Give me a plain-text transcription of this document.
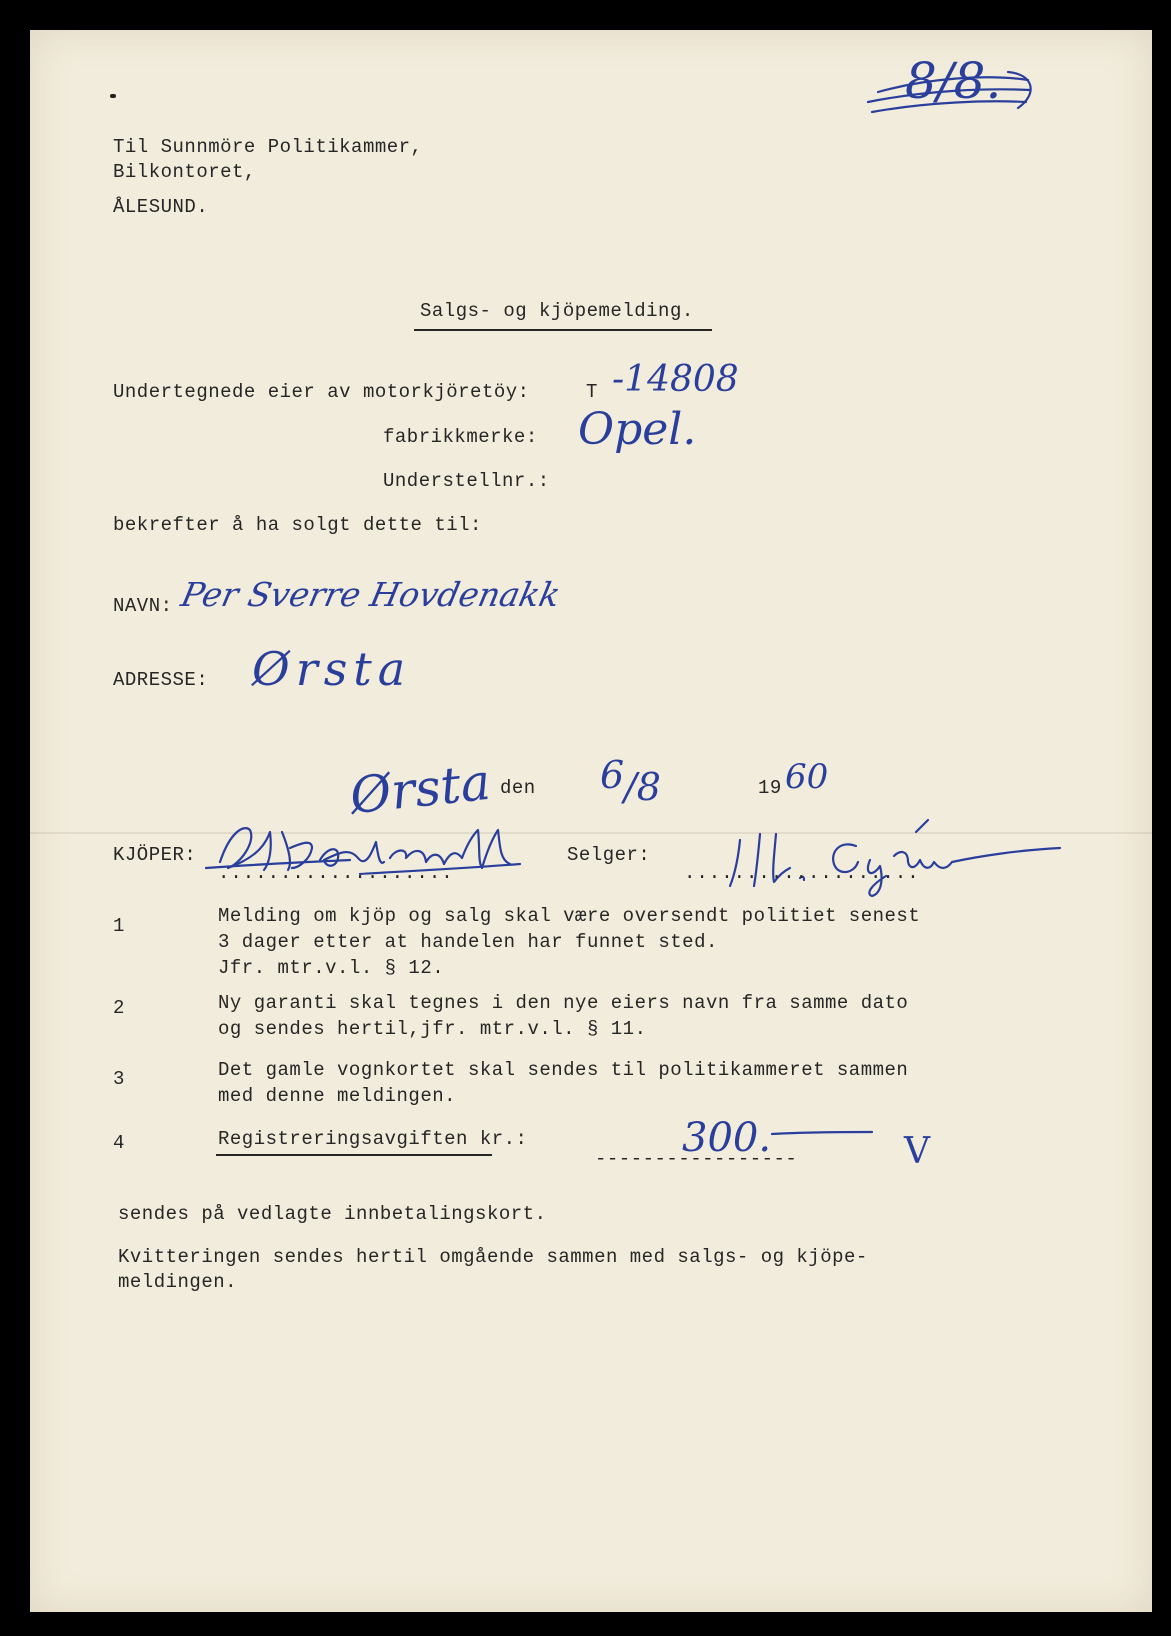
8/8.

Til Sunnmöre Politikammer,

Bilkontoret,

ÅLESUND.

Salgs- og kjöpemelding.

Undertegnede eier av motorkjöretöy:	T -14808

fabrikkmerke: Opel.

Understellnr.:

bekrefter å ha solgt dette til:

NAVN: Per Sverre Hovdenakk

ADRESSE: Ørsta

Ørsta den 6 /8	19 60

KJÖPER:

...................

Selger:

...................

1	Melding om kjöp og salg skal være oversendt politiet senest

3 dager etter at handelen har funnet sted.

Jfr. mtr.v.l. § 12.

2	Ny garanti skal tegnes i den nye eiers navn fra samme dato

og sendes hertil,jfr. mtr.v.l. § 11.

3	Det gamle vognkortet skal sendes til politikammeret sammen

med denne meldingen.

4	Registreringsavgiften kr.:

-----------------

300.	V

sendes på vedlagte innbetalingskort.

Kvitteringen sendes hertil omgående sammen med salgs- og kjöpe-

meldingen.
